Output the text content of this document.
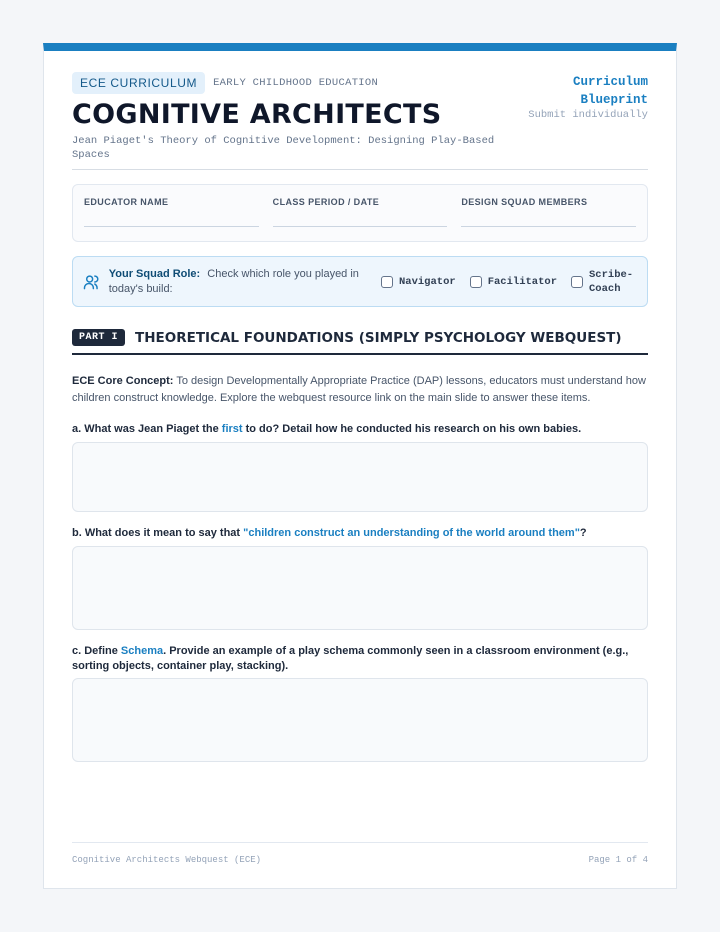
ECE CURRICULUM	EARLY CHILDHOOD EDUCATION
COGNITIVE ARCHITECTS
Jean Piaget's Theory of Cognitive Development: Designing Play-Based Spaces
Curriculum Blueprint
Submit individually
EDUCATOR NAME	CLASS PERIOD / DATE	DESIGN SQUAD MEMBERS
Your Squad Role: Check which role you played in today's build:
Navigator	Facilitator
Scribe-Coach
PART I	THEORETICAL FOUNDATIONS (SIMPLY PSYCHOLOGY WEBQUEST)
ECE Core Concept: To design Developmentally Appropriate Practice (DAP) lessons, educators must understand how children construct knowledge. Explore the webquest resource link on the main slide to answer these items.
a. What was Jean Piaget the first to do? Detail how he conducted his research on his own babies.
b. What does it mean to say that "children construct an understanding of the world around them"?
c. Define Schema. Provide an example of a play schema commonly seen in a classroom environment (e.g., sorting objects, container play, stacking).
Cognitive Architects Webquest (ECE)	Page 1 of 4
